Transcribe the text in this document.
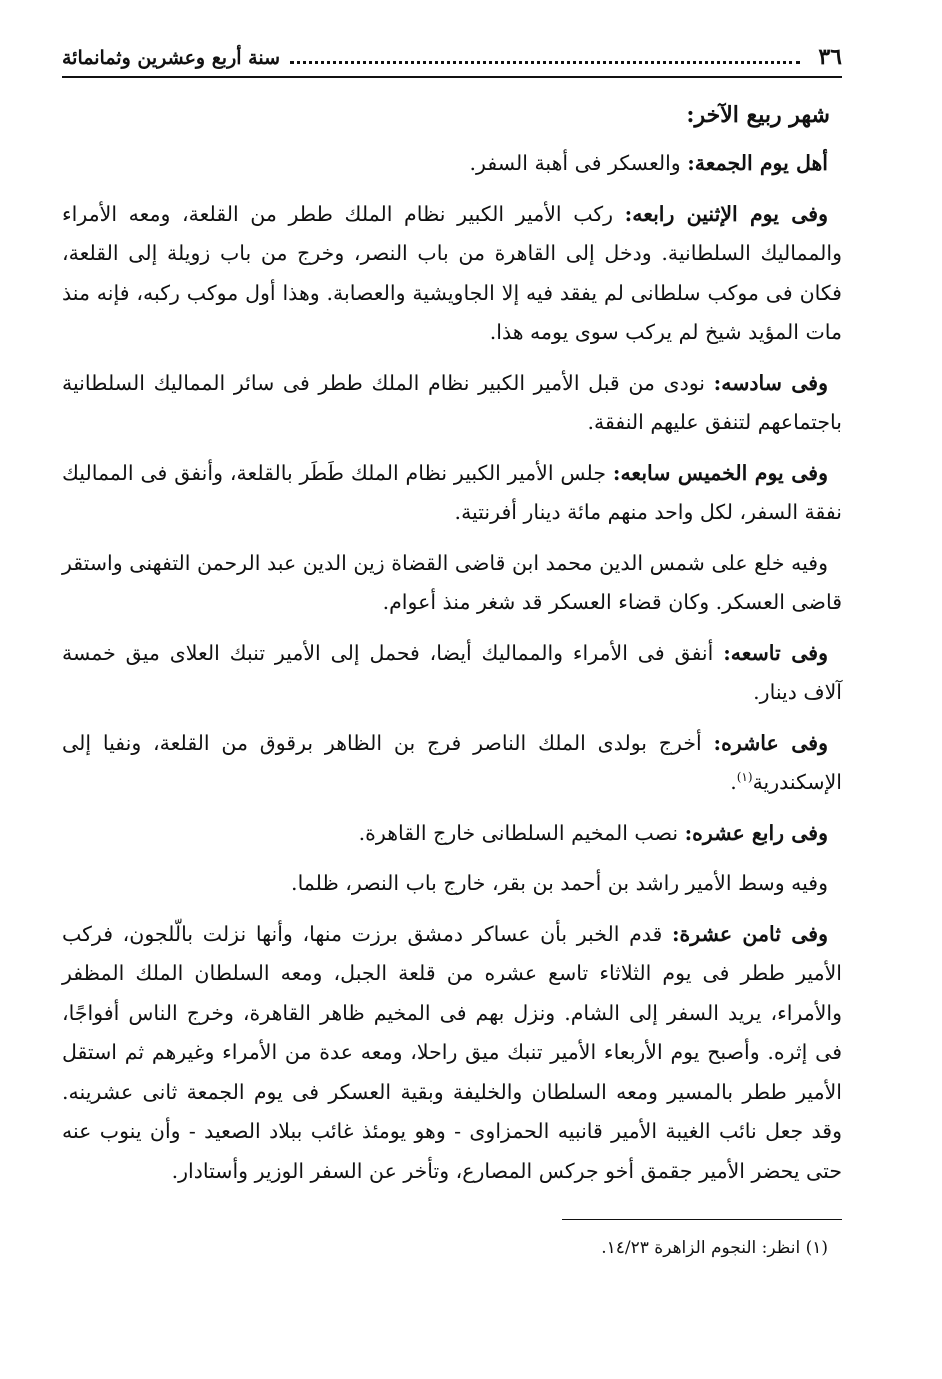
٣٦
سنة أربع وعشرين وثمانمائة
شهر ربيع الآخر:

أهل يوم الجمعة: والعسكر فى أهبة السفر.

وفى يوم الإثنين رابعه: ركب الأمير الكبير نظام الملك ططر من القلعة، ومعه الأمراء والمماليك السلطانية. ودخل إلى القاهرة من باب النصر، وخرج من باب زويلة إلى القلعة، فكان فى موكب سلطانى لم يفقد فيه إلا الجاويشية والعصابة. وهذا أول موكب ركبه، فإنه منذ مات المؤيد شيخ لم يركب سوى يومه هذا.

وفى سادسه: نودى من قبل الأمير الكبير نظام الملك ططر فى سائر المماليك السلطانية باجتماعهم لتنفق عليهم النفقة.

وفى يوم الخميس سابعه: جلس الأمير الكبير نظام الملك طَطَر بالقلعة، وأنفق فى المماليك نفقة السفر، لكل واحد منهم مائة دينار أفرنتية.

وفيه خلع على شمس الدين محمد ابن قاضى القضاة زين الدين عبد الرحمن التفهنى واستقر قاضى العسكر. وكان قضاء العسكر قد شغر منذ أعوام.

وفى تاسعه: أنفق فى الأمراء والمماليك أيضا، فحمل إلى الأمير تنبك العلاى ميق خمسة آلاف دينار.

وفى عاشره: أخرج بولدى الملك الناصر فرج بن الظاهر برقوق من القلعة، ونفيا إلى الإسكندرية$^{(١)}$.

وفى رابع عشره: نصب المخيم السلطانى خارج القاهرة.

وفيه وسط الأمير راشد بن أحمد بن بقر، خارج باب النصر، ظلما.

وفى ثامن عشرة: قدم الخبر بأن عساكر دمشق برزت منها، وأنها نزلت بالّلجون، فركب الأمير ططر فى يوم الثلاثاء تاسع عشره من قلعة الجبل، ومعه السلطان الملك المظفر والأمراء، يريد السفر إلى الشام. ونزل بهم فى المخيم ظاهر القاهرة، وخرج الناس أفواجًا، فى إثره. وأصبح يوم الأربعاء الأمير تنبك ميق راحلا، ومعه عدة من الأمراء وغيرهم ثم استقل الأمير ططر بالمسير ومعه السلطان والخليفة وبقية العسكر فى يوم الجمعة ثانى عشرينه. وقد جعل نائب الغيبة الأمير قانبيه الحمزاوى - وهو يومئذ غائب ببلاد الصعيد - وأن ينوب عنه حتى يحضر الأمير جقمق أخو جركس المصارع، وتأخر عن السفر الوزير وأستادار.

(١) انظر: النجوم الزاهرة ١٤/٢٣.
